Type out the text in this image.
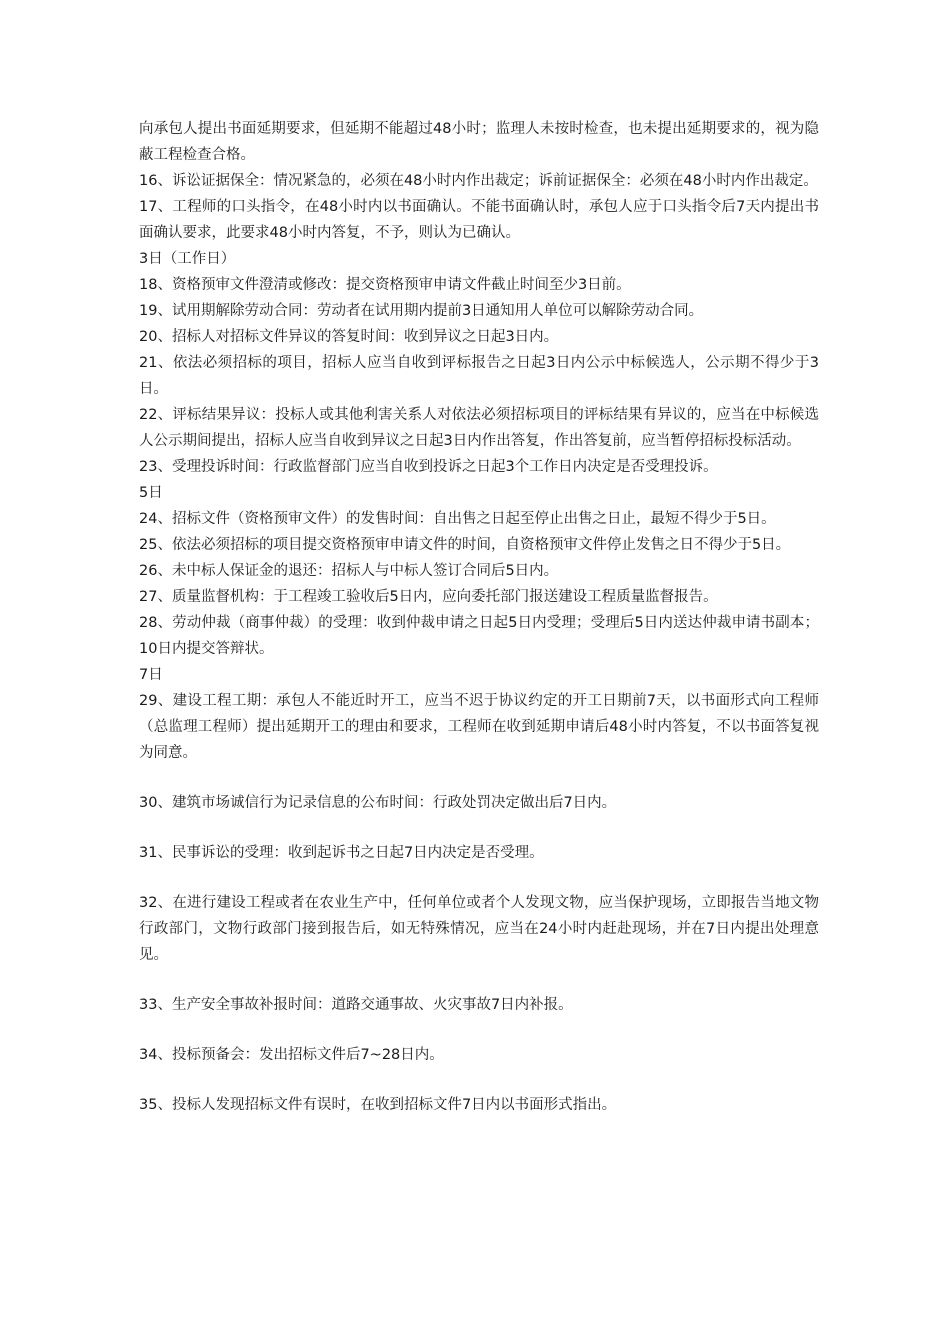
向承包人提出书面延期要求，但延期不能超过48小时；监理人未按时检查，也未提出延期要求的，视为隐蔽工程检查合格。

16、诉讼证据保全：情况紧急的，必须在48小时内作出裁定；诉前证据保全：必须在48小时内作出裁定。

17、工程师的口头指令，在48小时内以书面确认。不能书面确认时，承包人应于口头指令后7天内提出书面确认要求，此要求48小时内答复，不予，则认为已确认。

3日（工作日）

18、资格预审文件澄清或修改：提交资格预审申请文件截止时间至少3日前。

19、试用期解除劳动合同：劳动者在试用期内提前3日通知用人单位可以解除劳动合同。

20、招标人对招标文件异议的答复时间：收到异议之日起3日内。

21、依法必须招标的项目，招标人应当自收到评标报告之日起3日内公示中标候选人，公示期不得少于3日。

22、评标结果异议：投标人或其他利害关系人对依法必须招标项目的评标结果有异议的，应当在中标候选人公示期间提出，招标人应当自收到异议之日起3日内作出答复，作出答复前，应当暂停招标投标活动。

23、受理投诉时间：行政监督部门应当自收到投诉之日起3个工作日内决定是否受理投诉。

5日

24、招标文件（资格预审文件）的发售时间：自出售之日起至停止出售之日止，最短不得少于5日。

25、依法必须招标的项目提交资格预审申请文件的时间，自资格预审文件停止发售之日不得少于5日。

26、未中标人保证金的退还：招标人与中标人签订合同后5日内。

27、质量监督机构：于工程竣工验收后5日内，应向委托部门报送建设工程质量监督报告。

28、劳动仲裁（商事仲裁）的受理：收到仲裁申请之日起5日内受理；受理后5日内送达仲裁申请书副本；10日内提交答辩状。

7日

29、建设工程工期：承包人不能近时开工，应当不迟于协议约定的开工日期前7天，以书面形式向工程师（总监理工程师）提出延期开工的理由和要求，工程师在收到延期申请后48小时内答复，不以书面答复视为同意。

30、建筑市场诚信行为记录信息的公布时间：行政处罚决定做出后7日内。

31、民事诉讼的受理：收到起诉书之日起7日内决定是否受理。

32、在进行建设工程或者在农业生产中，任何单位或者个人发现文物，应当保护现场，立即报告当地文物行政部门，文物行政部门接到报告后，如无特殊情况，应当在24小时内赶赴现场，并在7日内提出处理意见。

33、生产安全事故补报时间：道路交通事故、火灾事故7日内补报。

34、投标预备会：发出招标文件后7~28日内。

35、投标人发现招标文件有误时，在收到招标文件7日内以书面形式指出。
